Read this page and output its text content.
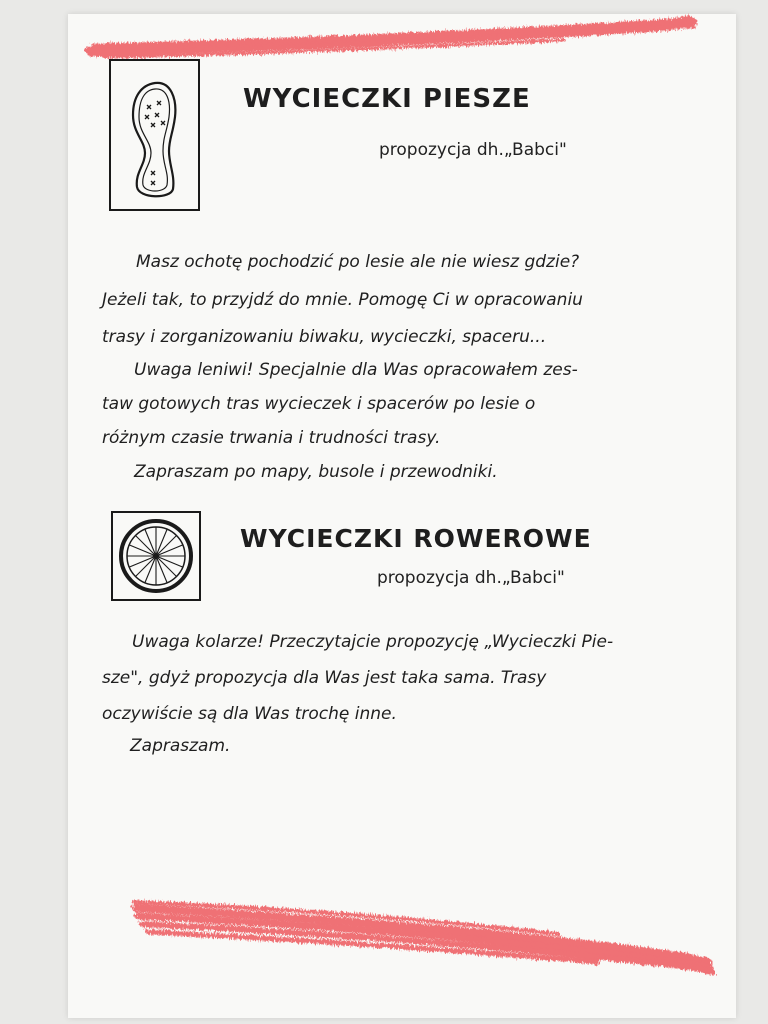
WYCIECZKI PIESZE

propozycja dh.„Babci"

Masz ochotę pochodzić po lesie ale nie wiesz gdzie?

Jeżeli tak, to przyjdź do mnie. Pomogę Ci w opracowaniu

trasy i zorganizowaniu biwaku, wycieczki, spaceru...

Uwaga leniwi! Specjalnie dla Was opracowałem zes-

taw gotowych tras wycieczek i spacerów po lesie o

różnym czasie trwania i trudności trasy.

Zapraszam po mapy, busole i przewodniki.

WYCIECZKI ROWEROWE

propozycja dh.„Babci"

Uwaga kolarze! Przeczytajcie propozycję „Wycieczki Pie-

sze", gdyż propozycja dla Was jest taka sama. Trasy

oczywiście są dla Was trochę inne.

Zapraszam.
